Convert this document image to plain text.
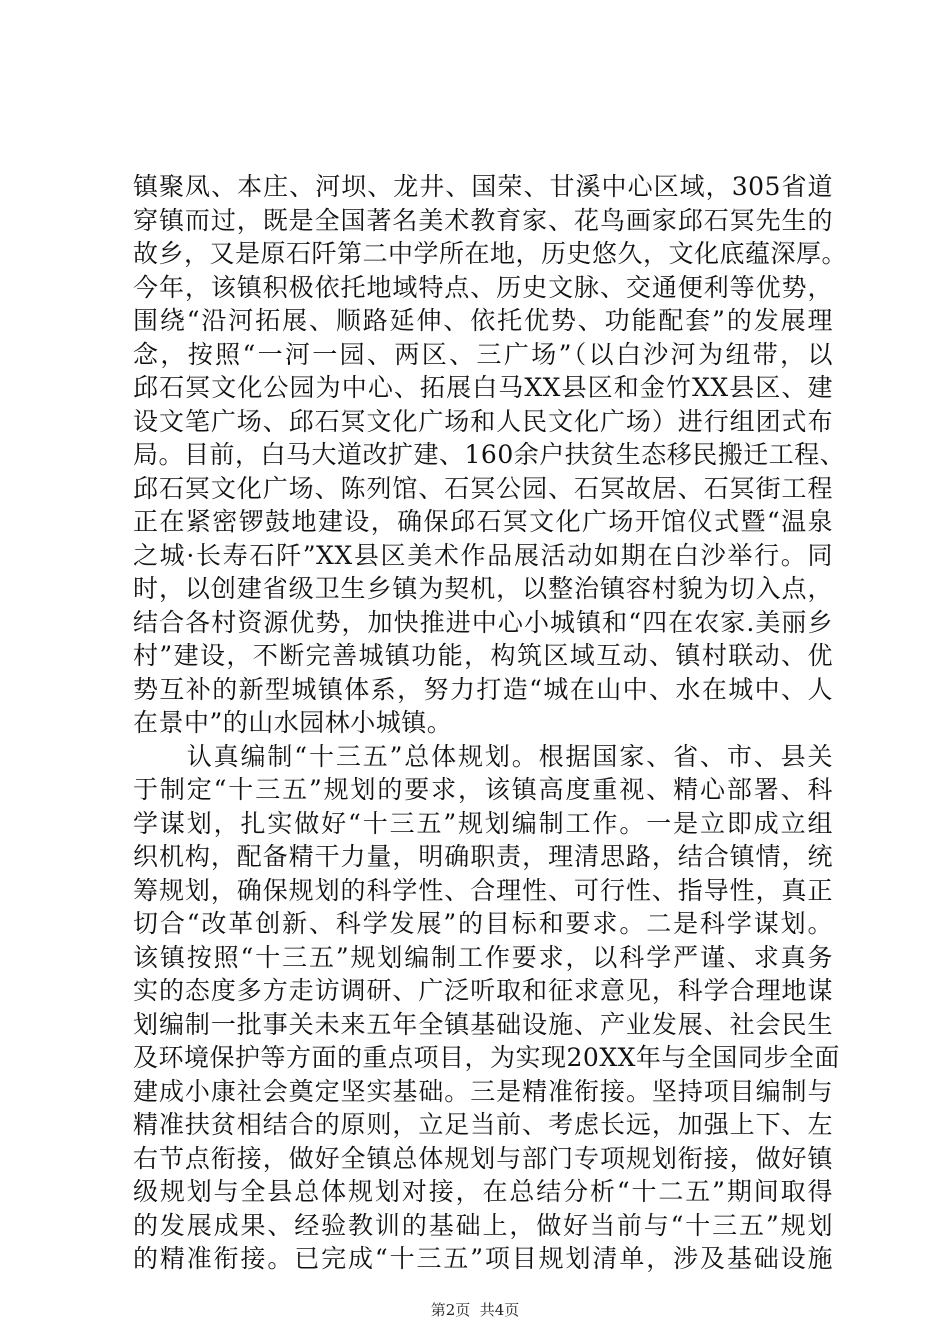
镇聚凤、本庄、河坝、龙井、国荣、甘溪中心区域，305省道
穿镇而过，既是全国著名美术教育家、花鸟画家邱石冥先生的
故乡，又是原石阡第二中学所在地，历史悠久，文化底蕴深厚。
今年，该镇积极依托地域特点、历史文脉、交通便利等优势，
围绕“沿河拓展、顺路延伸、依托优势、功能配套”的发展理
念，按照“一河一园、两区、三广场”（以白沙河为纽带，以
邱石冥文化公园为中心、拓展白马XX县区和金竹XX县区、建
设文笔广场、邱石冥文化广场和人民文化广场）进行组团式布
局。目前，白马大道改扩建、160余户扶贫生态移民搬迁工程、
邱石冥文化广场、陈列馆、石冥公园、石冥故居、石冥街工程
正在紧密锣鼓地建设，确保邱石冥文化广场开馆仪式暨“温泉
之城·长寿石阡”XX县区美术作品展活动如期在白沙举行。同
时，以创建省级卫生乡镇为契机，以整治镇容村貌为切入点，
结合各村资源优势，加快推进中心小城镇和“四在农家.美丽乡
村”建设，不断完善城镇功能，构筑区域互动、镇村联动、优
势互补的新型城镇体系，努力打造“城在山中、水在城中、人
在景中”的山水园林小城镇。
　　认真编制“十三五”总体规划。根据国家、省、市、县关
于制定“十三五”规划的要求，该镇高度重视、精心部署、科
学谋划，扎实做好“十三五”规划编制工作。一是立即成立组
织机构，配备精干力量，明确职责，理清思路，结合镇情，统
筹规划，确保规划的科学性、合理性、可行性、指导性，真正
切合“改革创新、科学发展”的目标和要求。二是科学谋划。
该镇按照“十三五”规划编制工作要求，以科学严谨、求真务
实的态度多方走访调研、广泛听取和征求意见，科学合理地谋
划编制一批事关未来五年全镇基础设施、产业发展、社会民生
及环境保护等方面的重点项目，为实现20XX年与全国同步全面
建成小康社会奠定坚实基础。三是精准衔接。坚持项目编制与
精准扶贫相结合的原则，立足当前、考虑长远，加强上下、左
右节点衔接，做好全镇总体规划与部门专项规划衔接，做好镇
级规划与全县总体规划对接，在总结分析“十二五”期间取得
的发展成果、经验教训的基础上，做好当前与“十三五”规划
的精准衔接。已完成“十三五”项目规划清单，涉及基础设施
第2页  共4页
